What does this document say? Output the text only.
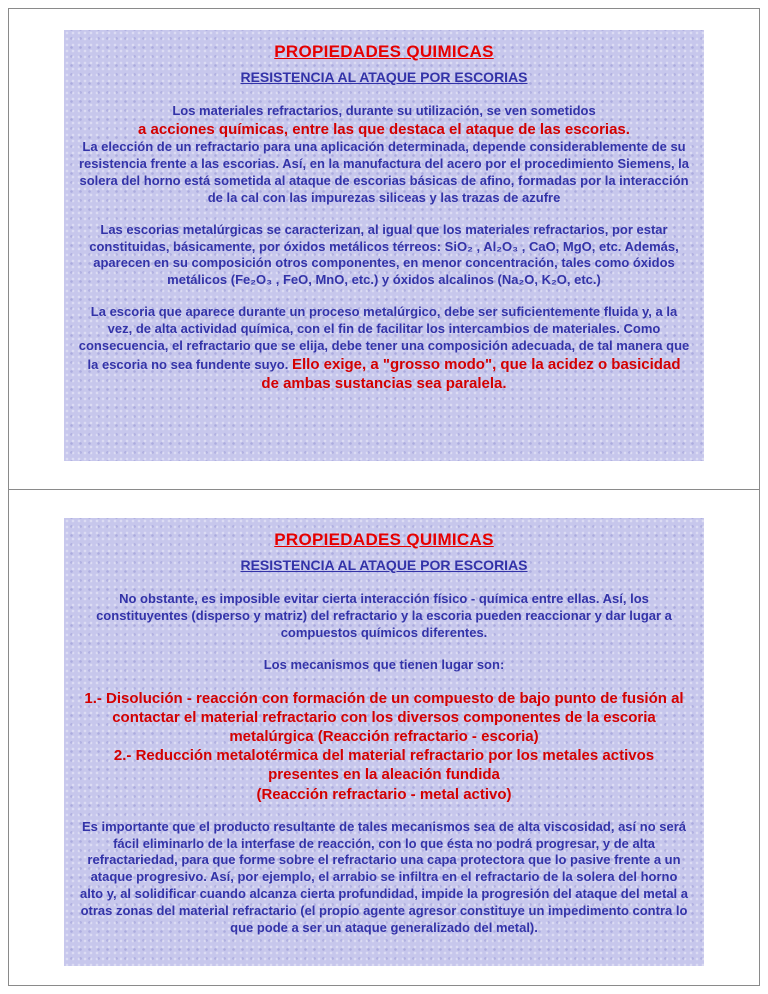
PROPIEDADES QUIMICAS
RESISTENCIA AL ATAQUE POR ESCORIAS
Los materiales refractarios, durante su utilización, se ven sometidos
a acciones químicas, entre las que destaca el ataque de las escorias.
La elección de un refractario para una aplicación determinada, depende considerablemente de su resistencia frente a las escorias. Así, en la manufactura del acero por el procedimiento Siemens, la solera del horno está sometida al ataque de escorias básicas de afino, formadas por la interacción de la cal con las impurezas siliceas y las trazas de azufre
Las escorias metalúrgicas se caracterizan, al igual que los materiales refractarios, por estar constituidas, básicamente, por óxidos metálicos térreos: SiO₂ , Al₂O₃ , CaO, MgO, etc. Además, aparecen en su composición otros componentes, en menor concentración, tales como óxidos metálicos (Fe₂O₃ , FeO, MnO, etc.) y óxidos alcalinos (Na₂O, K₂O, etc.)
La escoria que aparece durante un proceso metalúrgico, debe ser suficientemente fluida y, a la vez, de alta actividad química, con el fin de facilitar los intercambios de materiales. Como consecuencia, el refractario que se elija, debe tener una composición adecuada, de tal manera que la escoria no sea fundente suyo. Ello exige, a "grosso modo", que la acidez o basicidad de ambas sustancias sea paralela.
PROPIEDADES QUIMICAS
RESISTENCIA AL ATAQUE POR ESCORIAS
No obstante, es imposible evitar cierta interacción físico - química entre ellas. Así, los constituyentes (disperso y matriz) del refractario y la escoria pueden reaccionar y dar lugar a compuestos químicos diferentes.
Los mecanismos que tienen lugar son:
1.- Disolución - reacción con formación de un compuesto de bajo punto de fusión al contactar el material refractario con los diversos componentes de la escoria metalúrgica (Reacción refractario - escoria)
2.- Reducción metalotérmica del material refractario por los metales activos presentes en la aleación fundida
(Reacción refractario - metal activo)
Es importante que el producto resultante de tales mecanismos sea de alta viscosidad, así no será fácil eliminarlo de la interfase de reacción, con lo que ésta no podrá progresar, y de alta refractariedad, para que forme sobre el refractario una capa protectora que lo pasive frente a un ataque progresivo. Así, por ejemplo, el arrabio se infiltra en el refractario de la solera del horno alto y, al solidificar cuando alcanza cierta profundidad, impide la progresión del ataque del metal a otras zonas del material refractario (el propio agente agresor constituye un impedimento contra lo que pode a ser un ataque generalizado del metal).
